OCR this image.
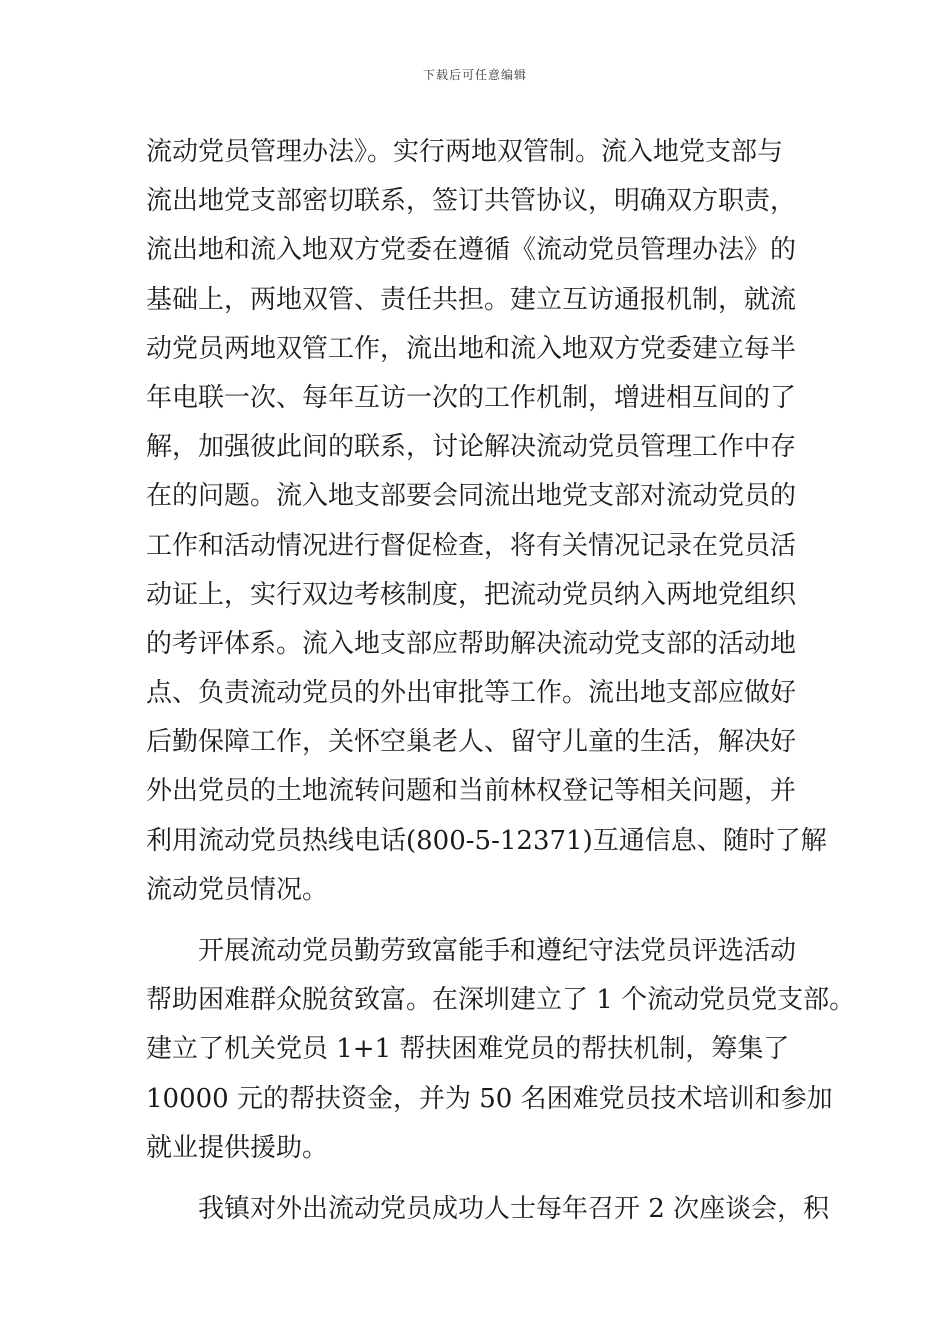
下载后可任意编辑
流动党员管理办法》。实行两地双管制。流入地党支部与
流出地党支部密切联系，签订共管协议，明确双方职责，
流出地和流入地双方党委在遵循《流动党员管理办法》的
基础上，两地双管、责任共担。建立互访通报机制，就流
动党员两地双管工作，流出地和流入地双方党委建立每半
年电联一次、每年互访一次的工作机制，增进相互间的了
解，加强彼此间的联系，讨论解决流动党员管理工作中存
在的问题。流入地支部要会同流出地党支部对流动党员的
工作和活动情况进行督促检查，将有关情况记录在党员活
动证上，实行双边考核制度，把流动党员纳入两地党组织
的考评体系。流入地支部应帮助解决流动党支部的活动地
点、负责流动党员的外出审批等工作。流出地支部应做好
后勤保障工作，关怀空巢老人、留守儿童的生活，解决好
外出党员的土地流转问题和当前林权登记等相关问题，并
利用流动党员热线电话(800-5-12371)互通信息、随时了解
流动党员情况。
开展流动党员勤劳致富能手和遵纪守法党员评选活动
帮助困难群众脱贫致富。在深圳建立了 1 个流动党员党支部。
建立了机关党员 1+1 帮扶困难党员的帮扶机制，筹集了
10000 元的帮扶资金，并为 50 名困难党员技术培训和参加
就业提供援助。
我镇对外出流动党员成功人士每年召开 2 次座谈会，积
